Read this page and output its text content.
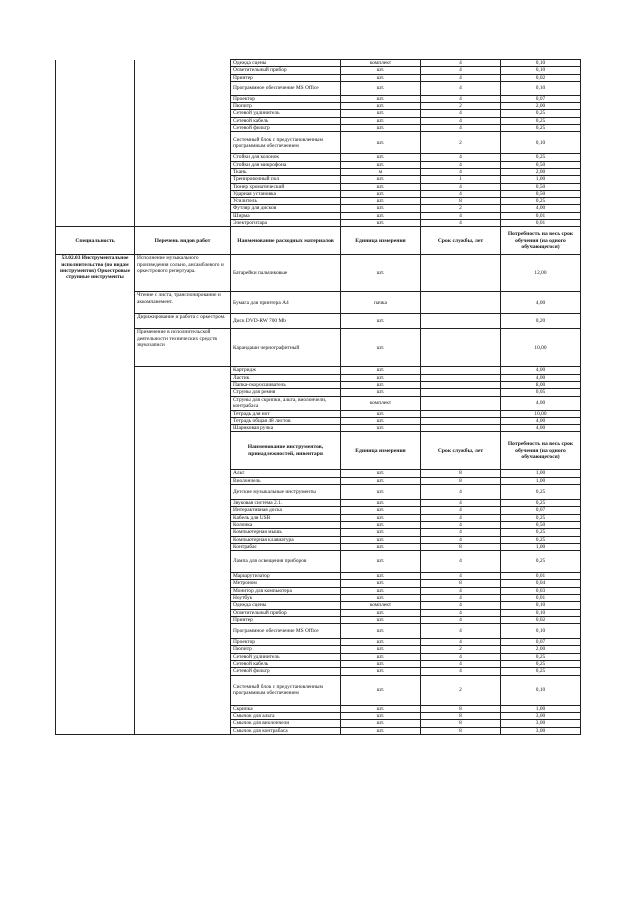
		Одежда сцены	комплект	4	0,10
		Осветительный прибор	шт.	4	0,10
		Принтер	шт.	4	0,02
		Программное обеспечение MS Office	шт.	4	0,10
		Проектор	шт.	4	0,07
		Пюпитр	шт.	2	2,00
		Сетевой удлинитель	шт.	4	0,25
		Сетевой кабель	шт.	4	0,25
		Сетевой фильтр	шт.	4	0,25
		Системный блок с предустановленным программным обеспечением	шт.	2	0,10
		Стойки для колонок	шт.	4	0,25
		Стойки для микрофона	шт.	4	0,50
		Ткань	м	4	2,00
		Тренировочный пол	шт.	1	1,00
		Тюнер хроматический	шт.	4	0,50
		Ударная установка	шт.	4	0,50
		Усилитель	шт.	8	0,25
		Футляр для дисков	шт.	2	4,00
		Ширма	шт.	4	0,01
		Электрогитара	шт.	4	0,01
Специальность	Перечень видов работ	Наименование расходных материалов	Единица измерения	Срок службы, лет	Потребность на весь срок обучения (на одного обучающегося)
53.02.03 Инструментальное исполнительство (по видам инструментов) Оркестровые струнные инструменты	Исполнение музыкального произведения сольно, ансамблевого и оркестрового репертуара.	Батарейки пальчиковые	шт.		12,00
	Чтение с листа, транспонирование и аккомпанемент.	Бумага для принтера А4	пачка		4,00
	Дирижирование и работа с оркестром.	Диск DVD-RW 700 Mb	шт.		0,20
	Применение в исполнительской деятельности технических средств звукозаписи	Карандаши чернографитный	шт.		10,00
		Картридж	шт.		4,00
		Ластик	шт.		4,00
		Папка-скоросшиватель	шт.		8,00
		Струны для ремня	шт.		0,05
		Струны для скрипки, альта, виолончели, контрабаса	комплект		4,00
		Тетрадь для нот	шт.		10,00
		Тетрадь общая 48 листов	шт.		4,00
		Шариковая ручка	шт.		4,00
		Наименование инструментов, принадлежностей, инвентаря	Единица измерения	Срок службы, лет	Потребность на весь срок обучения (на одного обучающегося)
		Альт	шт.	8	1,00
		Виолончель	шт.	8	1,00
		Детские музыкальные инструменты	шт.	4	0,25
		Звуковая система 2.1.	шт.	4	0,25
		Интерактивная доска	шт.	4	0,07
		Кабель для USB	шт.	4	0,25
		Колонка	шт.	4	0,50
		Компьютерная мышь	шт.	4	0,25
		Компьютерная клавиатура	шт.	4	0,25
		Контрабас	шт.	8	1,00
		Лампа для освещения приборов	шт.	4	0,25
		Маршрутизатор	шт.	4	0,01
		Метроном	шт.	8	0,04
		Монитор для компьютера	шт.	4	0,03
		Ноутбук	шт.	4	0,01
		Одежда сцены	комплект	4	0,10
		Осветительный прибор	шт.	4	0,10
		Принтер	шт.	4	0,02
		Программное обеспечение MS Office	шт.	4	0,10
		Проектор	шт.	4	0,07
		Пюпитр	шт.	2	2,00
		Сетевой удлинитель	шт.	4	0,25
		Сетевой кабель	шт.	4	0,25
		Сетевой фильтр	шт.	4	0,25
		Системный блок с предустановленным программным обеспечением	шт.	2	0,10
		Скрипка	шт.	8	1,00
		Смычок для альта	шт.	8	3,00
		Смычок для виолончели	шт.	8	3,00
		Смычок для контрабаса	шт.	8	3,00
